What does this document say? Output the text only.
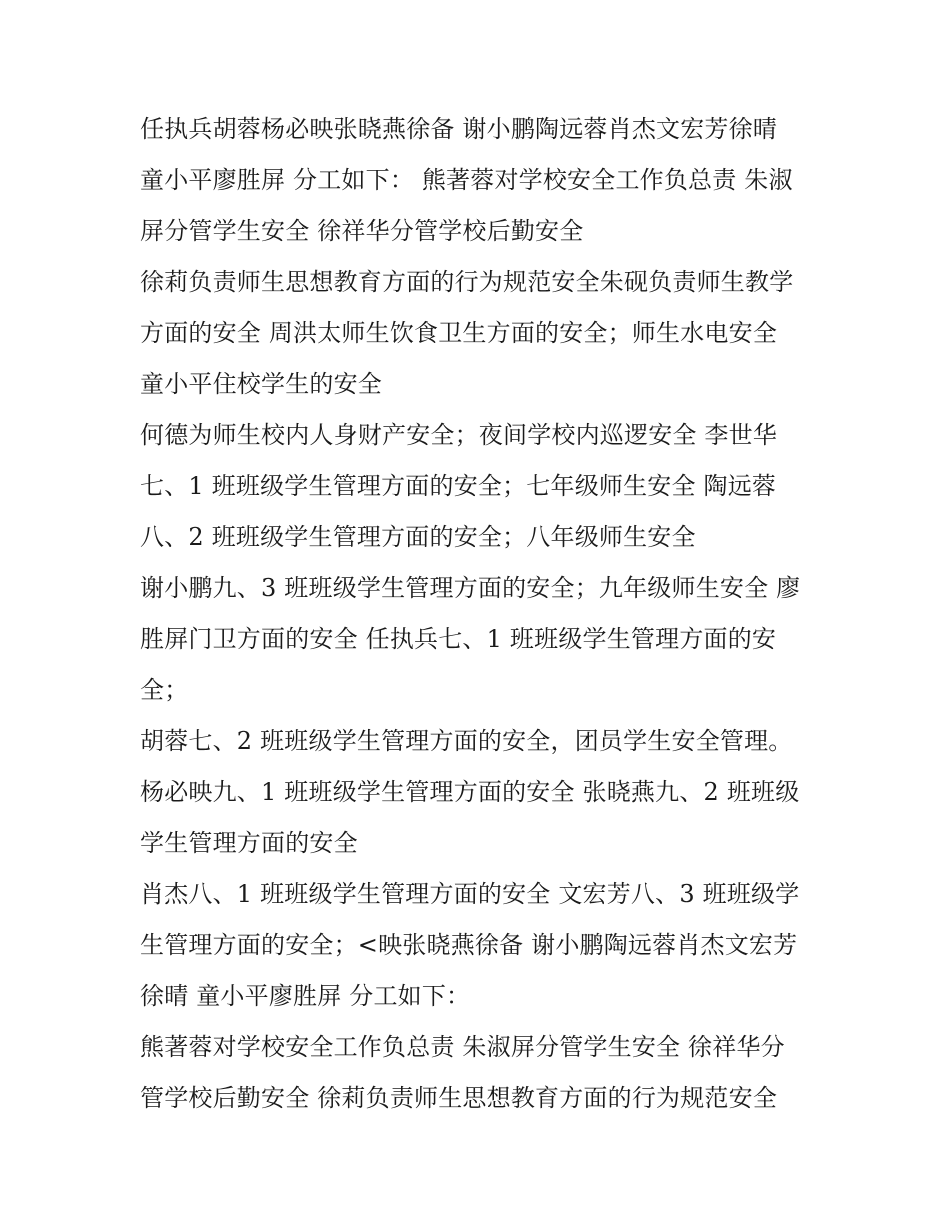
任执兵胡蓉杨必映张晓燕徐备 谢小鹏陶远蓉肖杰文宏芳徐晴
童小平廖胜屏 分工如下： 熊著蓉对学校安全工作负总责 朱淑
屏分管学生安全 徐祥华分管学校后勤安全
徐莉负责师生思想教育方面的行为规范安全朱砚负责师生教学
方面的安全 周洪太师生饮食卫生方面的安全；师生水电安全
童小平住校学生的安全
何德为师生校内人身财产安全；夜间学校内巡逻安全 李世华
七、1 班班级学生管理方面的安全；七年级师生安全 陶远蓉
八、2 班班级学生管理方面的安全；八年级师生安全
谢小鹏九、3 班班级学生管理方面的安全；九年级师生安全 廖
胜屏门卫方面的安全 任执兵七、1 班班级学生管理方面的安
全；
胡蓉七、2 班班级学生管理方面的安全，团员学生安全管理。
杨必映九、1 班班级学生管理方面的安全 张晓燕九、2 班班级
学生管理方面的安全
肖杰八、1 班班级学生管理方面的安全 文宏芳八、3 班班级学
生管理方面的安全；<映张晓燕徐备 谢小鹏陶远蓉肖杰文宏芳
徐晴 童小平廖胜屏 分工如下：
熊著蓉对学校安全工作负总责 朱淑屏分管学生安全 徐祥华分
管学校后勤安全 徐莉负责师生思想教育方面的行为规范安全
